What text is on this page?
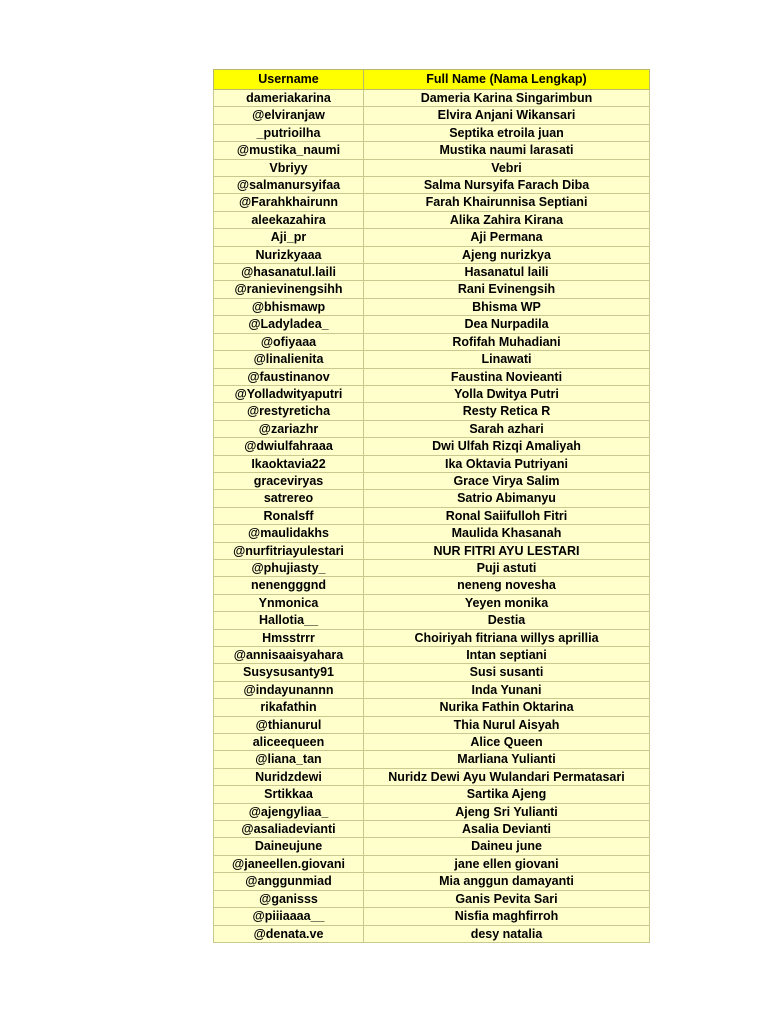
Username	Full Name (Nama Lengkap)
dameriakarina	Dameria Karina Singarimbun
@elviranjaw	Elvira Anjani Wikansari
_putrioilha	Septika etroila juan
@mustika_naumi	Mustika naumi larasati
Vbriyy	Vebri
@salmanursyifaa	Salma Nursyifa Farach Diba
@Farahkhairunn	Farah Khairunnisa Septiani
aleekazahira	Alika Zahira Kirana
Aji_pr	Aji Permana
Nurizkyaaa	Ajeng nurizkya
@hasanatul.laili	Hasanatul laili
@ranievinengsihh	Rani Evinengsih
@bhismawp	Bhisma WP
@Ladyladea_	Dea Nurpadila
@ofiyaaa	Rofifah Muhadiani
@linalienita	Linawati
@faustinanov	Faustina Novieanti
@Yolladwityaputri	Yolla Dwitya Putri
@restyreticha	Resty Retica R
@zariazhr	Sarah azhari
@dwiulfahraaa	Dwi Ulfah Rizqi Amaliyah
Ikaoktavia22	Ika Oktavia Putriyani
graceviryas	Grace Virya Salim
satrereo	Satrio Abimanyu
Ronalsff	Ronal Saiifulloh Fitri
@maulidakhs	Maulida Khasanah
@nurfitriayulestari	NUR FITRI AYU LESTARI
@phujiasty_	Puji astuti
nenengggnd	neneng novesha
Ynmonica	Yeyen monika
Hallotia__	Destia
Hmsstrrr	Choiriyah fitriana willys aprillia
@annisaaisyahara	Intan septiani
Susysusanty91	Susi susanti
@indayunannn	Inda Yunani
rikafathin	Nurika Fathin Oktarina
@thianurul	Thia Nurul Aisyah
aliceequeen	Alice Queen
@liana_tan	Marliana Yulianti
Nuridzdewi	Nuridz Dewi Ayu Wulandari Permatasari
Srtikkaa	Sartika Ajeng
@ajengyliaa_	Ajeng Sri Yulianti
@asaliadevianti	Asalia Devianti
Daineujune	Daineu june
@janeellen.giovani	jane ellen giovani
@anggunmiad	Mia anggun damayanti
@ganisss	Ganis Pevita Sari
@piiiaaaa__	Nisfia maghfirroh
@denata.ve	desy natalia
